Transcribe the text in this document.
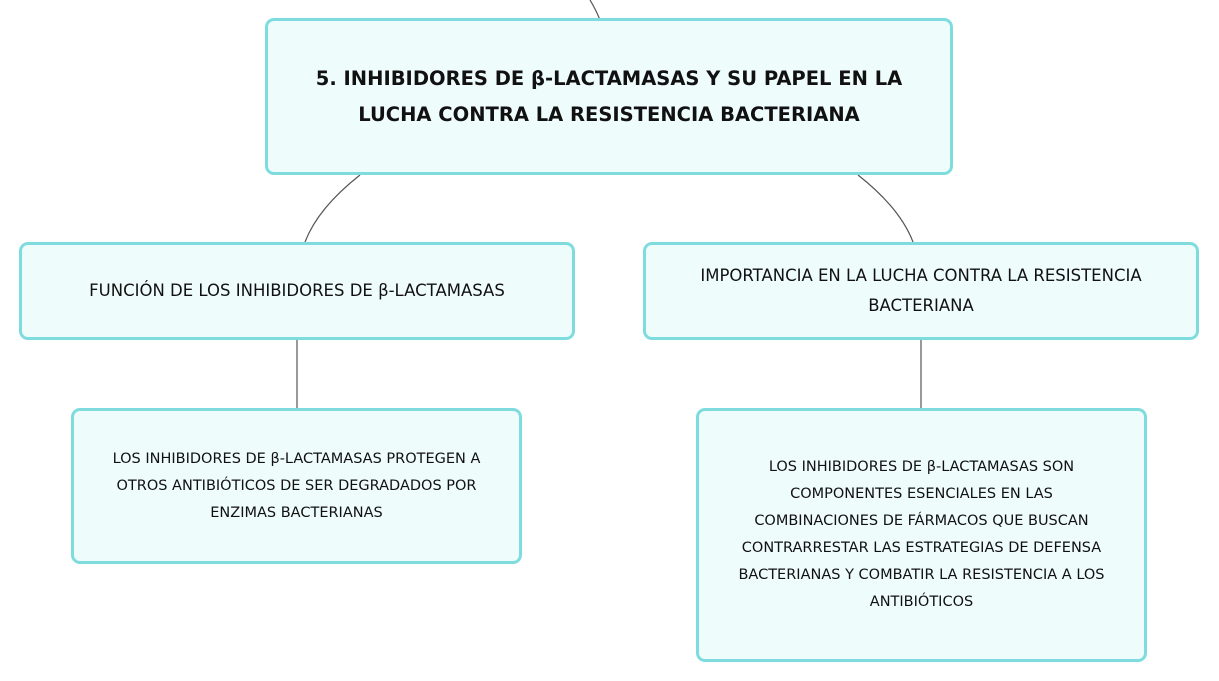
5. INHIBIDORES DE β-LACTAMASAS Y SU PAPEL EN LA
LUCHA CONTRA LA RESISTENCIA BACTERIANA
FUNCIÓN DE LOS INHIBIDORES DE β-LACTAMASAS
IMPORTANCIA EN LA LUCHA CONTRA LA RESISTENCIA
BACTERIANA
LOS INHIBIDORES DE β-LACTAMASAS PROTEGEN A
OTROS ANTIBIÓTICOS DE SER DEGRADADOS POR
ENZIMAS BACTERIANAS
LOS INHIBIDORES DE β-LACTAMASAS SON
COMPONENTES ESENCIALES EN LAS
COMBINACIONES DE FÁRMACOS QUE BUSCAN
CONTRARRESTAR LAS ESTRATEGIAS DE DEFENSA
BACTERIANAS Y COMBATIR LA RESISTENCIA A LOS
ANTIBIÓTICOS
